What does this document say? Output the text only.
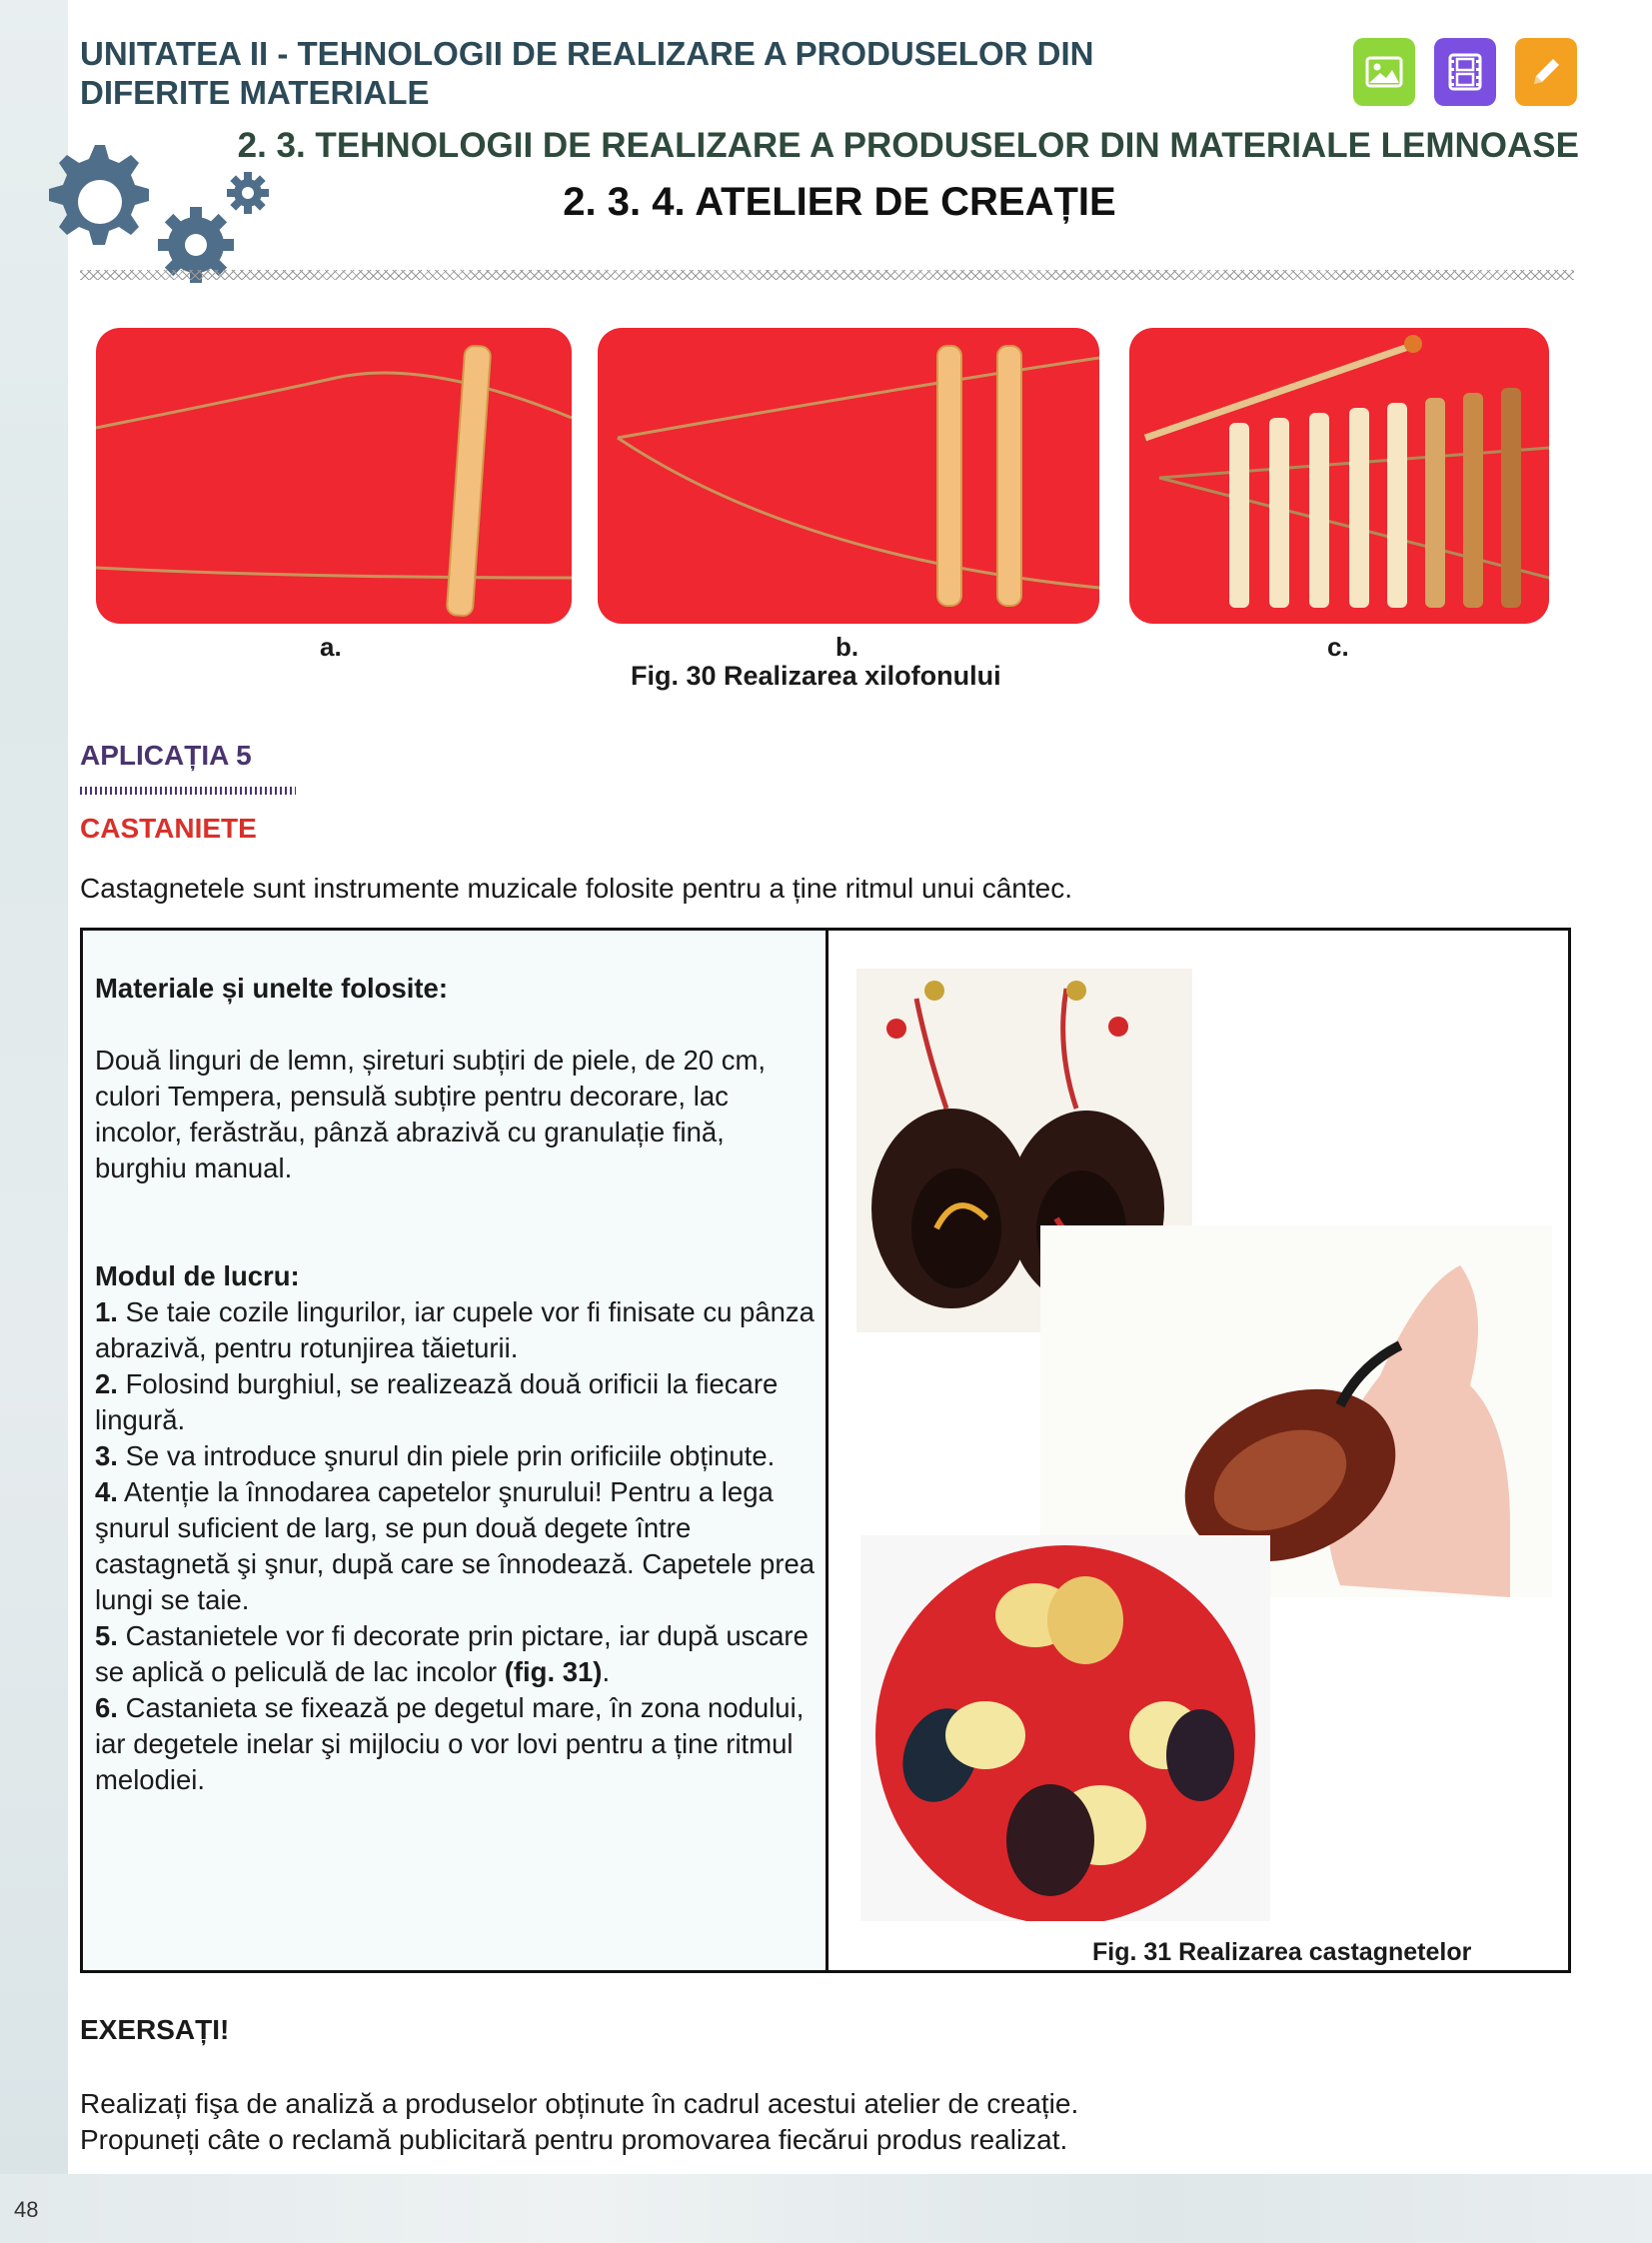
48
UNITATEA II - TEHNOLOGII DE REALIZARE A PRODUSELOR DIN DIFERITE MATERIALE
2. 3. TEHNOLOGII DE REALIZARE A PRODUSELOR DIN MATERIALE LEMNOASE
2. 3. 4. ATELIER DE CREAȚIE
a.	b.	c.
Fig. 30 Realizarea xilofonului
APLICAȚIA 5
CASTANIETE
Castagnetele sunt instrumente muzicale folosite pentru a ține ritmul unui cântec.

Materiale și unelte folosite:

Două linguri de lemn, șireturi subțiri de piele, de 20 cm, culori Tempera, pensulă subțire pentru decorare, lac incolor, ferăstrău, pânză abrazivă cu granulație fină, burghiu manual.

Modul de lucru:

1. Se taie cozile lingurilor, iar cupele vor fi finisate cu pânza abrazivă, pentru rotunjirea tăieturii.

2. Folosind burghiul, se realizează două orificii la fiecare lingură.

3. Se va introduce şnurul din piele prin orificiile obținute.

4. Atenție la înnodarea capetelor şnurului! Pentru a lega şnurul suficient de larg, se pun două degete între castagnetă şi şnur, după care se înnodează. Capetele prea lungi se taie.

5. Castanietele vor fi decorate prin pictare, iar după uscare se aplică o peliculă de lac incolor (fig. 31).

6. Castanieta se fixează pe degetul mare, în zona nodului, iar degetele inelar şi mijlociu o vor lovi pentru a ține ritmul melodiei.

Fig. 31 Realizarea castagnetelor
EXERSAȚI!

Realizați fişa de analiză a produselor obținute în cadrul acestui atelier de creație.

Propuneți câte o reclamă publicitară pentru promovarea fiecărui produs realizat.
